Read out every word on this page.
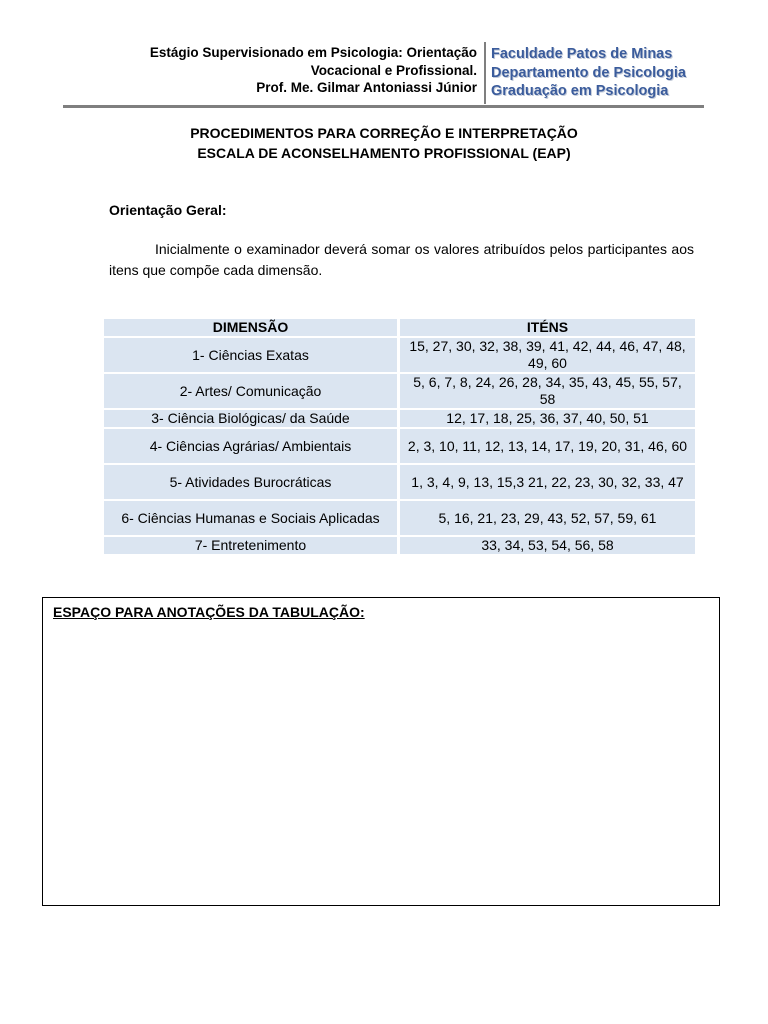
Estágio Supervisionado em Psicologia: Orientação
Vocacional e Profissional.
Prof. Me. Gilmar Antoniassi Júnior
Faculdade Patos de Minas
Departamento de Psicologia
Graduação em Psicologia
PROCEDIMENTOS PARA CORREÇÃO E INTERPRETAÇÃO
ESCALA DE ACONSELHAMENTO PROFISSIONAL (EAP)
Orientação Geral:
Inicialmente o examinador deverá somar os valores atribuídos pelos participantes aos itens que compõe cada dimensão.
DIMENSÃO	ITÉNS
1- Ciências Exatas	15, 27, 30, 32, 38, 39, 41, 42, 44, 46, 47, 48, 49, 60
2- Artes/ Comunicação	5, 6, 7, 8, 24, 26, 28, 34, 35, 43, 45, 55, 57, 58
3- Ciência Biológicas/ da Saúde	12, 17, 18, 25, 36, 37, 40, 50, 51
4- Ciências Agrárias/ Ambientais	2, 3, 10, 11, 12, 13, 14, 17, 19, 20, 31, 46, 60
5- Atividades Burocráticas	1, 3, 4, 9, 13, 15,3 21, 22, 23, 30, 32, 33, 47
6- Ciências Humanas e Sociais Aplicadas	5, 16, 21, 23, 29, 43, 52, 57, 59, 61
7- Entretenimento	33, 34, 53, 54, 56, 58
ESPAÇO PARA ANOTAÇÕES DA TABULAÇÃO:
